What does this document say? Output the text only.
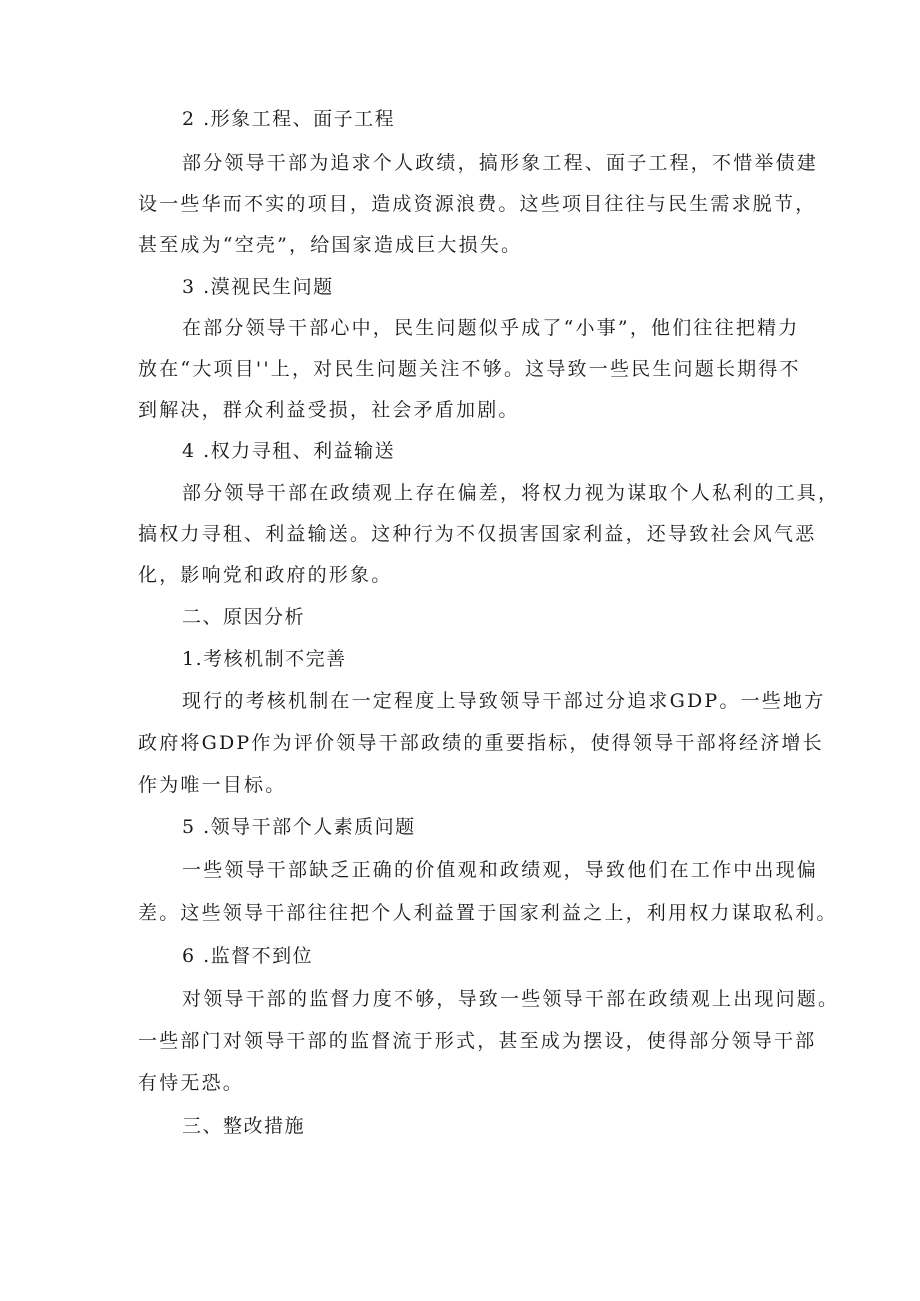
2 .形象工程、面子工程
部分领导干部为追求个人政绩，搞形象工程、面子工程，不惜举债建
设一些华而不实的项目，造成资源浪费。这些项目往往与民生需求脱节，
甚至成为“空壳”，给国家造成巨大损失。
3 .漠视民生问题
在部分领导干部心中，民生问题似乎成了“小事”，他们往往把精力
放在“大项目''上，对民生问题关注不够。这导致一些民生问题长期得不
到解决，群众利益受损，社会矛盾加剧。
4 .权力寻租、利益输送
部分领导干部在政绩观上存在偏差，将权力视为谋取个人私利的工具，
搞权力寻租、利益输送。这种行为不仅损害国家利益，还导致社会风气恶
化，影响党和政府的形象。
二、原因分析
1.考核机制不完善
现行的考核机制在一定程度上导致领导干部过分追求GDP。一些地方
政府将GDP作为评价领导干部政绩的重要指标，使得领导干部将经济增长
作为唯一目标。
5 .领导干部个人素质问题
一些领导干部缺乏正确的价值观和政绩观，导致他们在工作中出现偏
差。这些领导干部往往把个人利益置于国家利益之上，利用权力谋取私利。
6 .监督不到位
对领导干部的监督力度不够，导致一些领导干部在政绩观上出现问题。
一些部门对领导干部的监督流于形式，甚至成为摆设，使得部分领导干部
有恃无恐。
三、整改措施
